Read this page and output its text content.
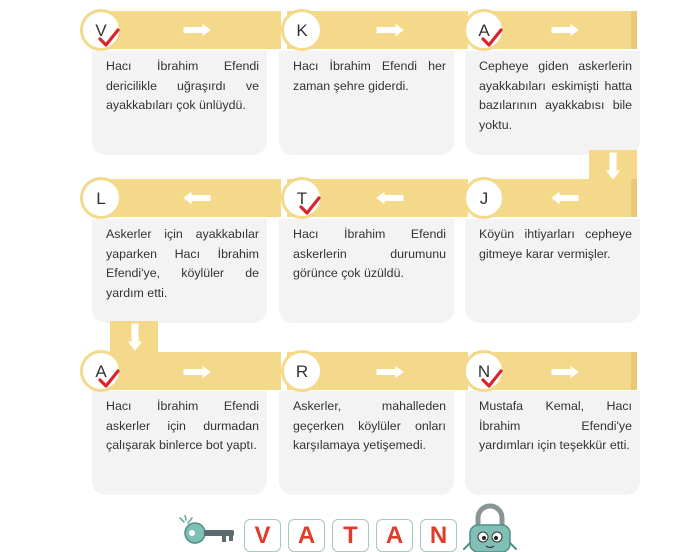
Hacı İbrahim Efendi dericilikle uğraşırdı ve ayakkabıları çok ünlüydü.

Hacı İbrahim Efendi her zaman şehre giderdi.

Cepheye giden askerlerin ayakkabıları eskimişti hatta bazılarının ayakkabısı bile yoktu.

V	K	A

Askerler için ayakkabılar yaparken Hacı İbrahim Efendi'ye, köylüler de yardım etti.

Hacı İbrahim Efendi askerlerin durumunu görünce çok üzüldü.

Köyün ihtiyarları cepheye gitmeye karar vermişler.

L	T	J

Hacı İbrahim Efendi askerler için durmadan çalışarak binlerce bot yaptı.

Askerler, mahalleden geçerken köylüler onları karşılamaya yetişemedi.

Mustafa Kemal, Hacı İbrahim Efendi'ye yardımları için teşekkür etti.

A	R	N
V A T A N
